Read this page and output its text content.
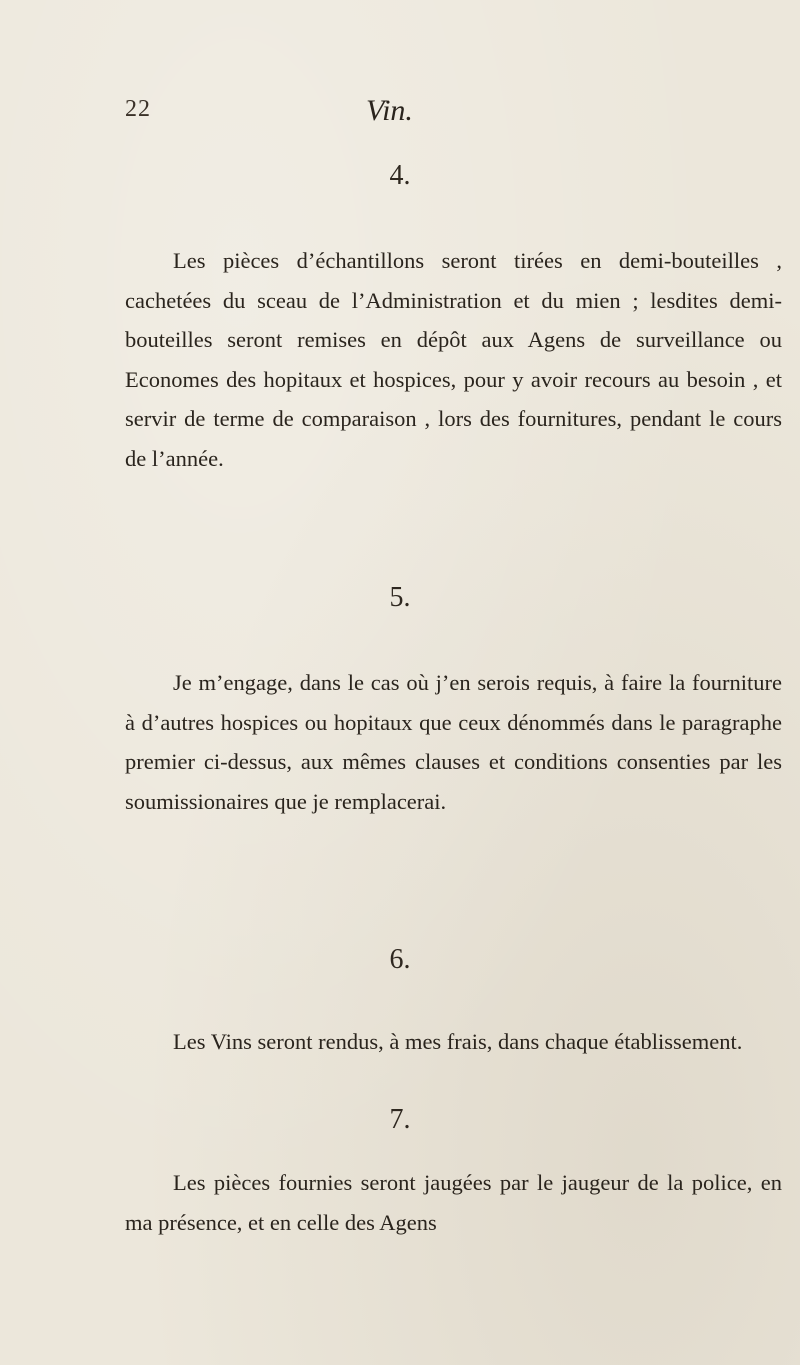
22	Vin.
4.

Les pièces d’échantillons seront tirées en demi-bouteilles , cachetées du sceau de l’Administration et du mien ; lesdites demi-bouteilles seront remises en dépôt aux Agens de surveillance ou Economes des hopitaux et hospices, pour y avoir recours au besoin , et servir de terme de comparaison , lors des fournitures, pendant le cours de l’année.

5.

Je m’engage, dans le cas où j’en serois requis, à faire la fourniture à d’autres hospices ou hopitaux que ceux dénommés dans le paragraphe premier ci-dessus, aux mêmes clauses et conditions consenties par les soumissionaires que je remplacerai.

6.

Les Vins seront rendus, à mes frais, dans chaque établissement.

7.

Les pièces fournies seront jaugées par le jaugeur de la police, en ma présence, et en celle des Agens
